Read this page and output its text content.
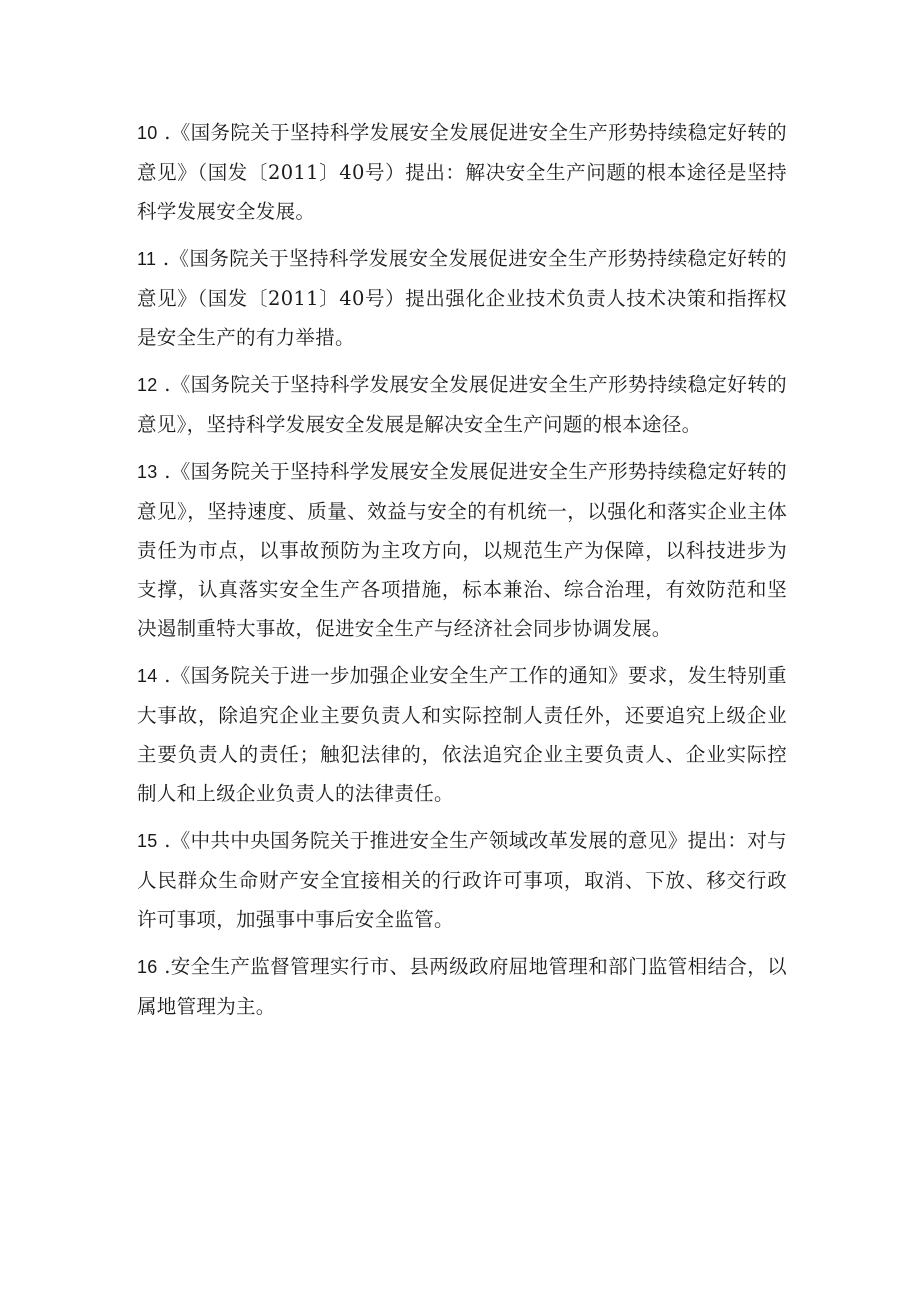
10 .《国务院关于坚持科学发展安全发展促进安全生产形势持续稳定好转的意见》（国发〔2011〕40号）提出：解决安全生产问题的根本途径是坚持科学发展安全发展。

11 .《国务院关于坚持科学发展安全发展促进安全生产形势持续稳定好转的意见》（国发〔2011〕40号）提出强化企业技术负责人技术决策和指挥权是安全生产的有力举措。

12 .《国务院关于坚持科学发展安全发展促进安全生产形势持续稳定好转的意见》，坚持科学发展安全发展是解决安全生产问题的根本途径。

13 .《国务院关于坚持科学发展安全发展促进安全生产形势持续稳定好转的意见》，坚持速度、质量、效益与安全的有机统一，以强化和落实企业主体责任为市点，以事故预防为主攻方向，以规范生产为保障，以科技进步为支撑，认真落实安全生产各项措施，标本兼治、综合治理，有效防范和坚决遏制重特大事故，促进安全生产与经济社会同步协调发展。

14 .《国务院关于进一步加强企业安全生产工作的通知》要求，发生特别重大事故，除追究企业主要负责人和实际控制人责任外，还要追究上级企业主要负责人的责任；触犯法律的，依法追究企业主要负责人、企业实际控制人和上级企业负责人的法律责任。

15 .《中共中央国务院关于推进安全生产领域改革发展的意见》提出：对与人民群众生命财产安全宜接相关的行政许可事项，取消、下放、移交行政许可事项，加强事中事后安全监管。

16 .安全生产监督管理实行市、县两级政府屈地管理和部门监管相结合，以属地管理为主。
